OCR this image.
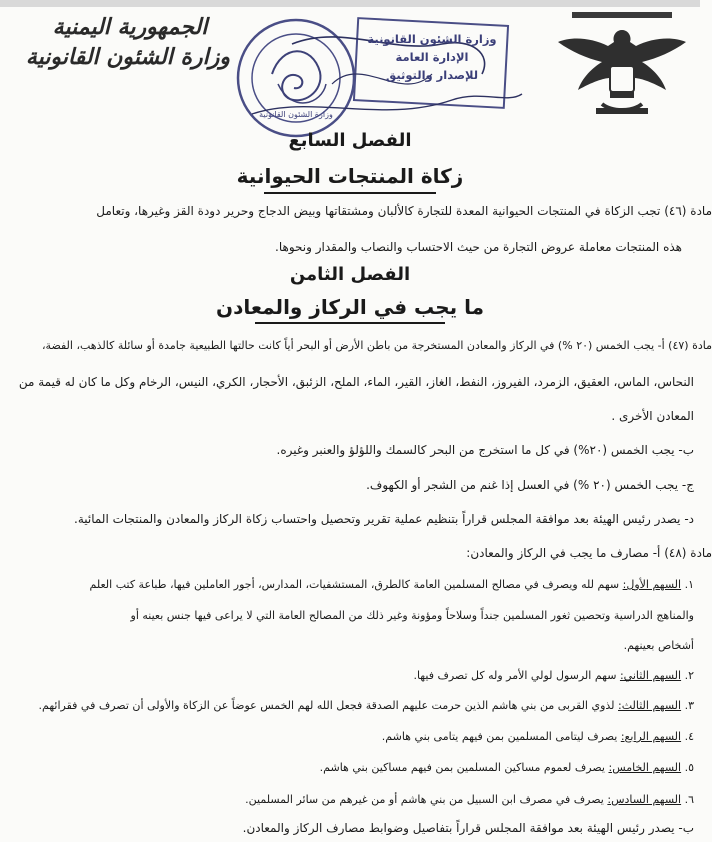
الجمهورية اليمنية
وزارة الشئون القانونية
وزارة الشئون القانونية
الإدارة العامة
للإصدار والتوثيق
وزارة الشئون القانونية
الفصل السابع
زكاة المنتجات الحيوانية
مادة (٤٦) تجب الزكاة في المنتجات الحيوانية المعدة للتجارة كالألبان ومشتقاتها وبيض الدجاج وحرير دودة القز وغيرها، وتعامل
هذه المنتجات معاملة عروض التجارة من حيث الاحتساب والنصاب والمقدار ونحوها.
الفصل الثامن
ما يجب في الركاز والمعادن
مادة (٤٧) أ- يجب الخمس (٢٠ %) في الركاز والمعادن المستخرجة من باطن الأرض أو البحر أياً كانت حالتها الطبيعية جامدة أو سائلة كالذهب، الفضة،
النحاس، الماس، العقيق، الزمرد، الفيروز، النفط، الغاز، القير، الماء، الملح، الزئبق، الأحجار، الكري، النيس، الرخام وكل ما كان له قيمة من
المعادن الأخرى .
ب- يجب الخمس (٢٠%) في كل ما استخرج من البحر كالسمك واللؤلؤ والعنبر وغيره.
ج- يجب الخمس (٢٠ %) في العسل إذا غنم من الشجر أو الكهوف.
د- يصدر رئيس الهيئة بعد موافقة المجلس قراراً بتنظيم عملية تقرير وتحصيل واحتساب زكاة الركاز والمعادن والمنتجات المائية.
مادة (٤٨) أ- مصارف ما يجب في الركاز والمعادن:
١. السهم الأول: سهم لله ويصرف في مصالح المسلمين العامة كالطرق، المستشفيات، المدارس، أجور العاملين فيها، طباعة كتب العلم
والمناهج الدراسية وتحصين ثغور المسلمين جنداً وسلاحاً ومؤونة وغير ذلك من المصالح العامة التي لا يراعى فيها جنس بعينه أو
أشخاص بعينهم.
٢. السهم الثاني: سهم الرسول لولي الأمر وله كل تصرف فيها.
٣. السهم الثالث: لذوي القربى من بني هاشم الذين حرمت عليهم الصدقة فجعل الله لهم الخمس عوضاً عن الزكاة والأولى أن تصرف في فقرائهم.
٤. السهم الرابع: يصرف ليتامى المسلمين بمن فيهم يتامى بني هاشم.
٥. السهم الخامس: يصرف لعموم مساكين المسلمين بمن فيهم مساكين بني هاشم.
٦. السهم السادس: يصرف في مصرف ابن السبيل من بني هاشم أو من غيرهم من سائر المسلمين.
ب- يصدر رئيس الهيئة بعد موافقة المجلس قراراً بتفاصيل وضوابط مصارف الركاز والمعادن.
